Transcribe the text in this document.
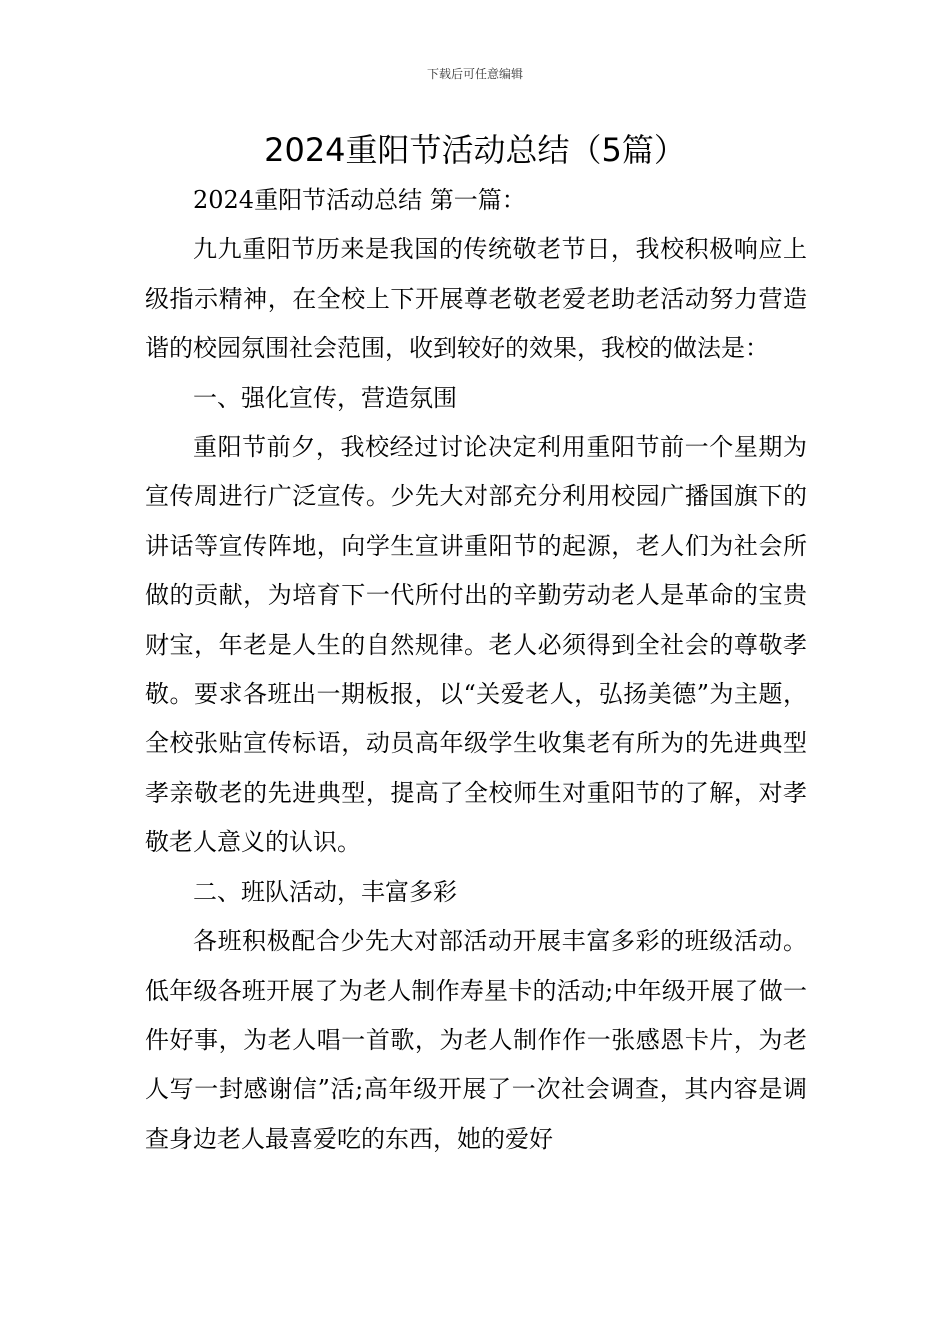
下载后可任意编辑
2024重阳节活动总结（5篇）

2024重阳节活动总结 第一篇：

九九重阳节历来是我国的传统敬老节日，我校积极响应上级指示精神，在全校上下开展尊老敬老爱老助老活动努力营造谐的校园氛围社会范围，收到较好的效果，我校的做法是：

一、强化宣传，营造氛围

重阳节前夕，我校经过讨论决定利用重阳节前一个星期为宣传周进行广泛宣传。少先大对部充分利用校园广播国旗下的讲话等宣传阵地，向学生宣讲重阳节的起源，老人们为社会所做的贡献，为培育下一代所付出的辛勤劳动老人是革命的宝贵财宝，年老是人生的自然规律。老人必须得到全社会的尊敬孝敬。要求各班出一期板报，以“关爱老人，弘扬美德”为主题，全校张贴宣传标语，动员高年级学生收集老有所为的先进典型孝亲敬老的先进典型，提高了全校师生对重阳节的了解，对孝敬老人意义的认识。

二、班队活动，丰富多彩

各班积极配合少先大对部活动开展丰富多彩的班级活动。低年级各班开展了为老人制作寿星卡的活动;中年级开展了做一件好事，为老人唱一首歌，为老人制作作一张感恩卡片，为老人写一封感谢信”活;高年级开展了一次社会调查，其内容是调查身边老人最喜爱吃的东西，她的爱好
